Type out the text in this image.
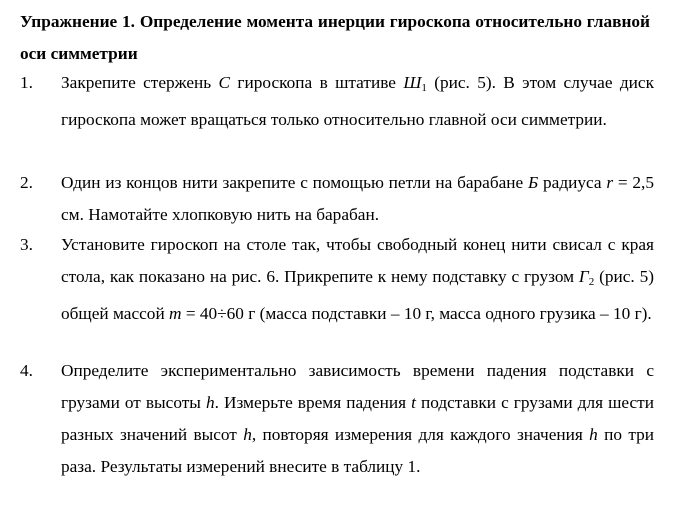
Упражнение 1. Определение момента инерции гироскопа относительно главной оси симметрии
1. Закрепите стержень С гироскопа в штативе $Ш_1$ (рис. 5). В этом случае диск гироскопа может вращаться только относительно главной оси симметрии.
2. Один из концов нити закрепите с помощью петли на барабане Б радиуса r = 2,5 см. Намотайте хлопковую нить на барабан.
3. Установите гироскоп на столе так, чтобы свободный конец нити свисал с края стола, как показано на рис. 6. Прикрепите к нему подставку с грузом $Г_2$ (рис. 5) общей массой m = 40÷60 г (масса подставки – 10 г, масса одного грузика – 10 г).
4. Определите экспериментально зависимость времени падения подставки с грузами от высоты h. Измерьте время падения t подставки с грузами для шести разных значений высот h, повторяя измерения для каждого значения h по три раза. Результаты измерений внесите в таблицу 1.
